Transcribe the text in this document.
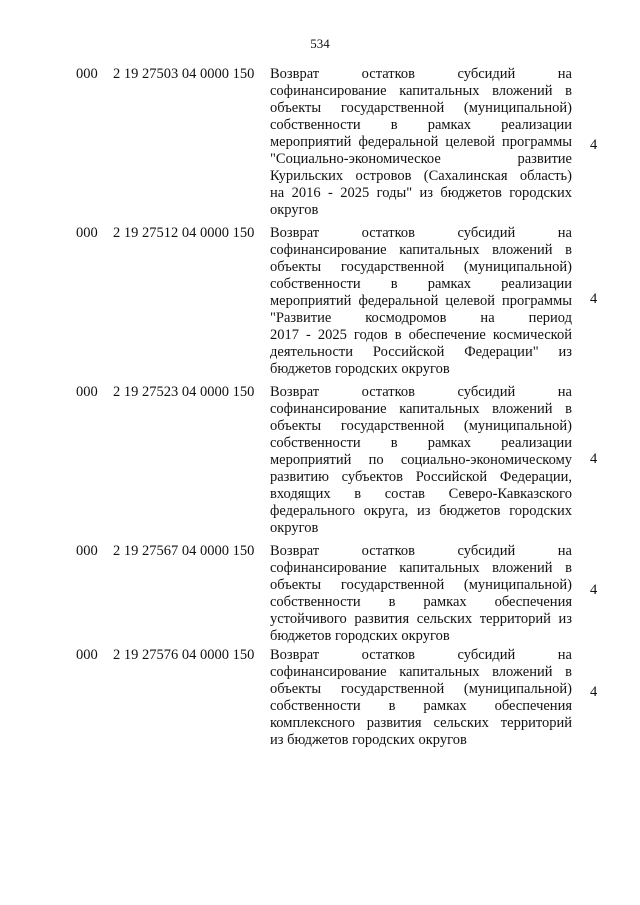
534
000 2 19 27503 04 0000 150 Возврат остатков субсидий на
софинансирование капитальных вложений в
объекты государственной (муниципальной)
собственности в рамках реализации
мероприятий федеральной целевой программы
"Социально-экономическое развитие
Курильских островов (Сахалинская область)
на 2016 - 2025 годы" из бюджетов городских
округов
4
000 2 19 27512 04 0000 150 Возврат остатков субсидий на
софинансирование капитальных вложений в
объекты государственной (муниципальной)
собственности в рамках реализации
мероприятий федеральной целевой программы
"Развитие космодромов на период
2017 - 2025 годов в обеспечение космической
деятельности Российской Федерации" из
бюджетов городских округов
4
000 2 19 27523 04 0000 150 Возврат остатков субсидий на
софинансирование капитальных вложений в
объекты государственной (муниципальной)
собственности в рамках реализации
мероприятий по социально-экономическому
развитию субъектов Российской Федерации,
входящих в состав Северо-Кавказского
федерального округа, из бюджетов городских
округов
4
000 2 19 27567 04 0000 150 Возврат остатков субсидий на
софинансирование капитальных вложений в
объекты государственной (муниципальной)
собственности в рамках обеспечения
устойчивого развития сельских территорий из
бюджетов городских округов
4
000 2 19 27576 04 0000 150 Возврат остатков субсидий на
софинансирование капитальных вложений в
объекты государственной (муниципальной)
собственности в рамках обеспечения
комплексного развития сельских территорий
из бюджетов городских округов
4
